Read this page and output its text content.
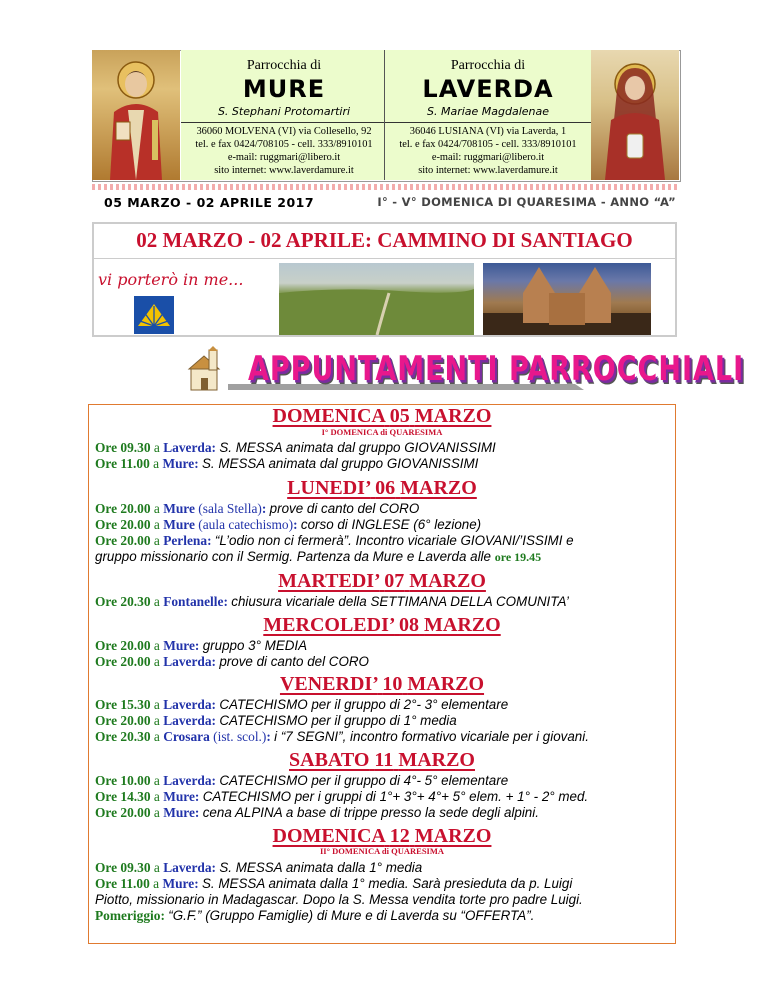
Parrocchia di
MURE
S. Stephani Protomartiri
36060 MOLVENA (VI) via Collesello, 92
tel. e fax 0424/708105 - cell. 333/8910101
e-mail: ruggmari@libero.it
sito internet: www.laverdamure.it
Parrocchia di
LAVERDA
S. Mariae Magdalenae
36046 LUSIANA (VI) via Laverda, 1
tel. e fax 0424/708105 - cell. 333/8910101
e-mail: ruggmari@libero.it
sito internet: www.laverdamure.it
05 MARZO - 02 APRILE 2017	I° - V° DOMENICA DI QUARESIMA - ANNO “A”
02 MARZO - 02 APRILE: CAMMINO DI SANTIAGO
vi porterò in me...
APPUNTAMENTI PARROCCHIALI
DOMENICA 05 MARZO
I° DOMENICA di QUARESIMA
Ore 09.30 a Laverda: S. MESSA animata dal gruppo GIOVANISSIMI
Ore 11.00 a Mure: S. MESSA animata dal gruppo GIOVANISSIMI
LUNEDI’ 06 MARZO
Ore 20.00 a Mure (sala Stella): prove di canto del CORO
Ore 20.00 a Mure (aula catechismo): corso di INGLESE (6° lezione)
Ore 20.00 a Perlena: “L’odio non ci fermerà”. Incontro vicariale GIOVANI/’ISSIMI e
gruppo missionario con il Sermig. Partenza da Mure e Laverda alle ore 19.45
MARTEDI’ 07 MARZO
Ore 20.30 a Fontanelle: chiusura vicariale della SETTIMANA DELLA COMUNITA’
MERCOLEDI’ 08 MARZO
Ore 20.00 a Mure: gruppo 3° MEDIA
Ore 20.00 a Laverda: prove di canto del CORO
VENERDI’ 10 MARZO
Ore 15.30 a Laverda: CATECHISMO per il gruppo di 2°- 3° elementare
Ore 20.00 a Laverda: CATECHISMO per il gruppo di 1° media
Ore 20.30 a Crosara (ist. scol.): i “7 SEGNI”, incontro formativo vicariale per i giovani.
SABATO 11 MARZO
Ore 10.00 a Laverda: CATECHISMO per il gruppo di 4°- 5° elementare
Ore 14.30 a Mure: CATECHISMO per i gruppi di 1°+ 3°+ 4°+ 5° elem. + 1° - 2° med.
Ore 20.00 a Mure: cena ALPINA a base di trippe presso la sede degli alpini.
DOMENICA 12 MARZO
II° DOMENICA di QUARESIMA
Ore 09.30 a Laverda: S. MESSA animata dalla 1° media
Ore 11.00 a Mure: S. MESSA animata dalla 1° media. Sarà presieduta da p. Luigi
Piotto, missionario in Madagascar. Dopo la S. Messa vendita torte pro padre Luigi.
Pomeriggio: “G.F.” (Gruppo Famiglie) di Mure e di Laverda su “OFFERTA”.
